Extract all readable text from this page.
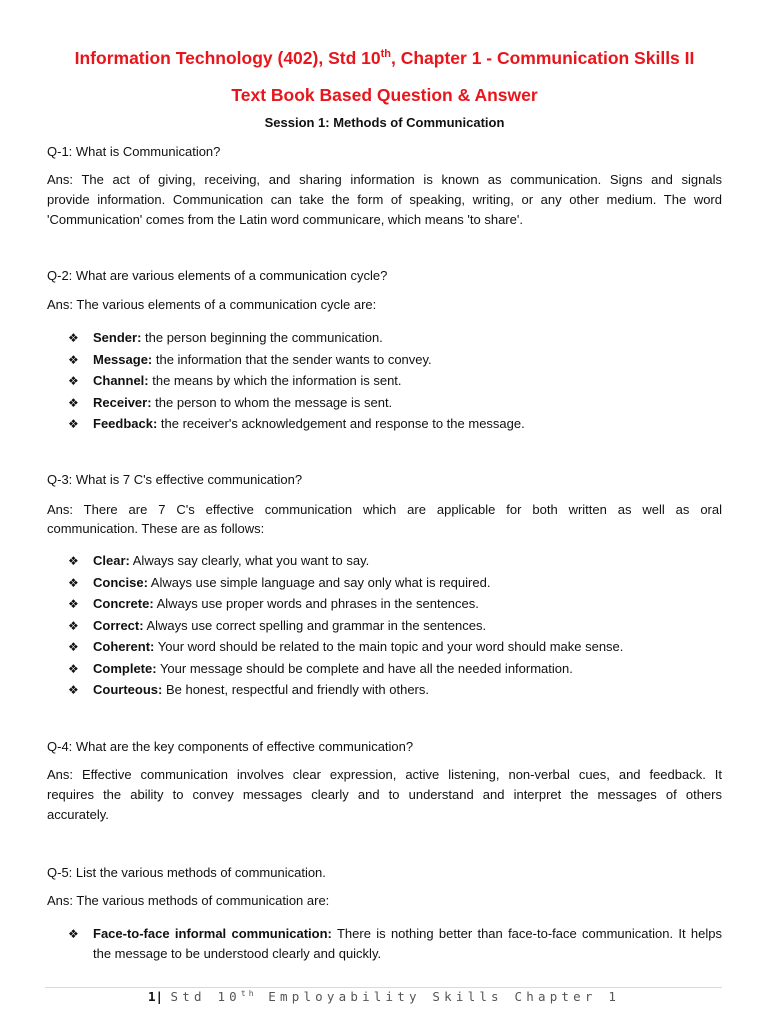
Information Technology (402), Std 10th, Chapter 1 - Communication Skills II
Text Book Based Question & Answer
Session 1: Methods of Communication
Q-1: What is Communication?
Ans: The act of giving, receiving, and sharing information is known as communication. Signs and signals
provide information. Communication can take the form of speaking, writing, or any other medium. The word
'Communication' comes from the Latin word communicare, which means 'to share'.
Q-2: What are various elements of a communication cycle?
Ans: The various elements of a communication cycle are:
❖ Sender: the person beginning the communication.
❖ Message: the information that the sender wants to convey.
❖ Channel: the means by which the information is sent.
❖ Receiver: the person to whom the message is sent.
❖ Feedback: the receiver's acknowledgement and response to the message.
Q-3: What is 7 C's effective communication?
Ans: There are 7 C's effective communication which are applicable for both written as well as oral
communication. These are as follows:
❖ Clear: Always say clearly, what you want to say.
❖ Concise: Always use simple language and say only what is required.
❖ Concrete: Always use proper words and phrases in the sentences.
❖ Correct: Always use correct spelling and grammar in the sentences.
❖ Coherent: Your word should be related to the main topic and your word should make sense.
❖ Complete: Your message should be complete and have all the needed information.
❖ Courteous: Be honest, respectful and friendly with others.
Q-4: What are the key components of effective communication?
Ans: Effective communication involves clear expression, active listening, non-verbal cues, and feedback. It
requires the ability to convey messages clearly and to understand and interpret the messages of others
accurately.
Q-5: List the various methods of communication.
Ans: The various methods of communication are:
❖ Face-to-face informal communication: There is nothing better than face-to-face communication. It helps the message to be understood clearly and quickly.
1| Std 10th Employability Skills Chapter 1
